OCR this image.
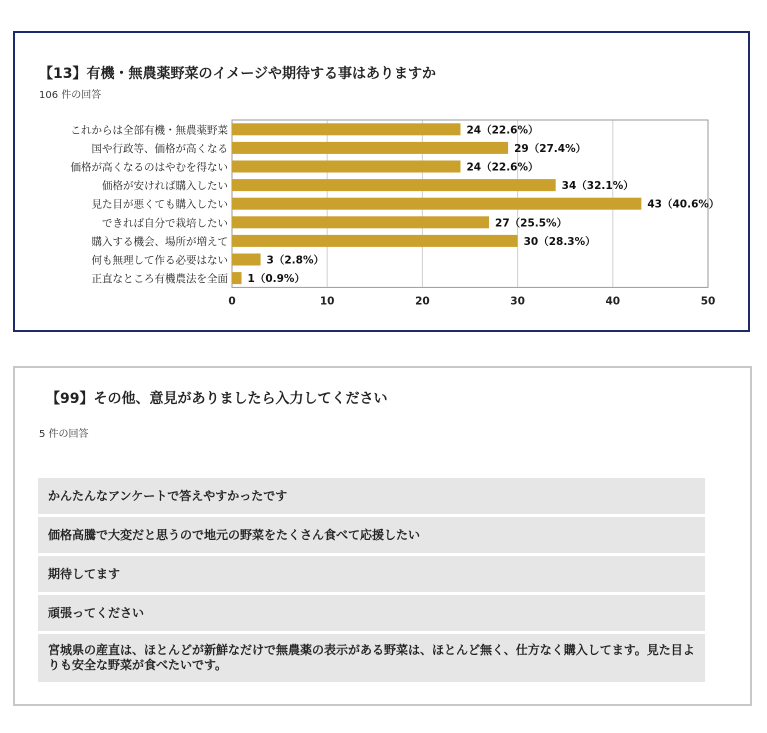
【13】有機・無農薬野菜のイメージや期待する事はありますか
106 件の回答
これからは全部有機・無農薬野菜	24（22.6%）
国や行政等、価格が高くなる	29（27.4%）
価格が高くなるのはやむを得ない	24（22.6%）
価格が安ければ購入したい	34（32.1%）
見た目が悪くても購入したい	43（40.6%）
できれば自分で栽培したい	27（25.5%）
購入する機会、場所が増えて	30（28.3%）
何も無理して作る必要はない	3（2.8%）
正直なところ有機農法を全面 1（0.9%）
0	10	20	30	40	50
【99】その他、意見がありましたら入力してください
5 件の回答
かんたんなアンケートで答えやすかったです
価格高騰で大変だと思うので地元の野菜をたくさん食べて応援したい
期待してます
頑張ってください
宮城県の産直は、ほとんどが新鮮なだけで無農薬の表示がある野菜は、ほとんど無く、仕方なく購入してます。見た目よりも安全な野菜が食べたいです。
